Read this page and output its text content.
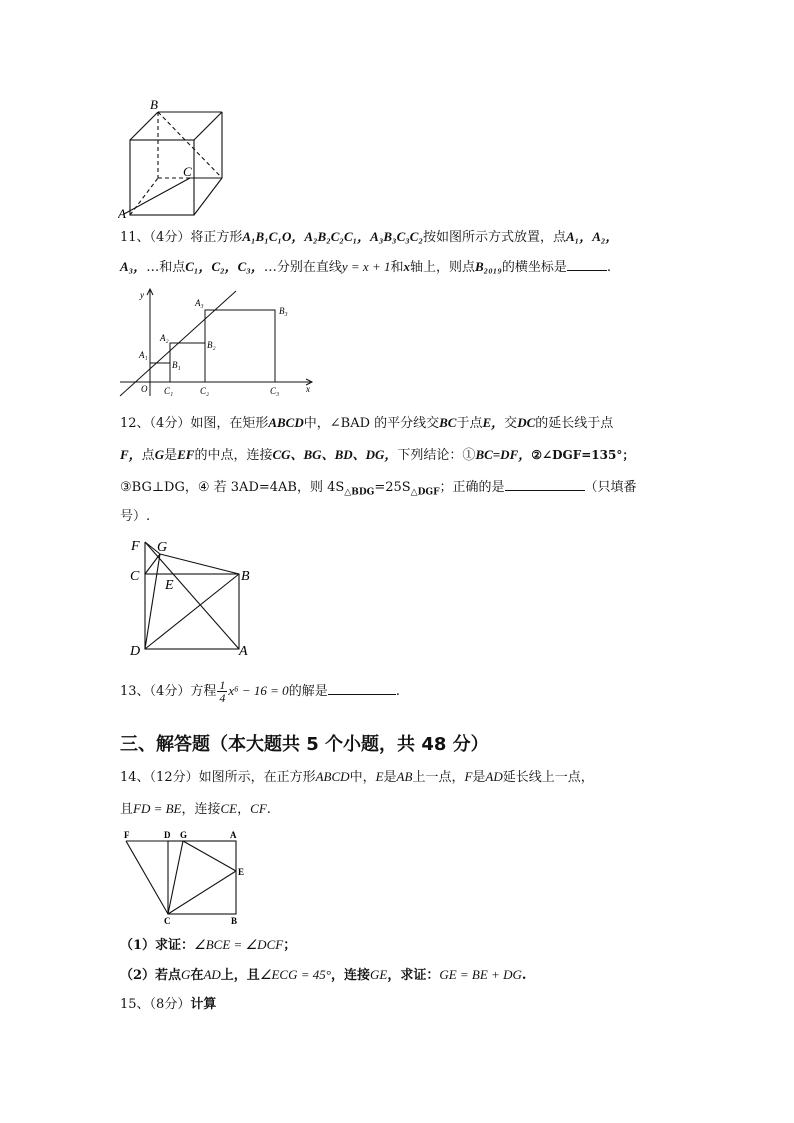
B
C
A
11、（4分）将正方形A₁B₁C₁O，A₂B₂C₂C₁，A₃B₃C₃C₂按如图所示方式放置，点A₁，A₂，
A₃，…和点C₁，C₂，C₃，…分别在直线y = x + 1和x轴上，则点B₂₀₁₉的横坐标是	.
y
x
O
A₁
A₂
A₃
B₁
B₂
B₃
C₁	C₂	C₃
12、（4分）如图，在矩形ABCD中，∠BAD 的平分线交BC于点E，交DC的延长线于点
F，点G是EF的中点，连接CG、BG、BD、DG，下列结论：①BC=DF，②∠DGF=135°；
③BG⊥DG，④ 若 3AD=4AB，则 $4S_{\triangle BDG}=25S_{\triangle DGF}$；正确的是	（只填番
号）.
F G
C
E
B
D	A
13、（4分）方程 $\frac{1}{4} x^6 - 16 = 0$的解是	.
三、解答题（本大题共 5 个小题，共 48 分）
14、（12分）如图所示，在正方形ABCD中，E是AB上一点，F是AD延长线上一点，
且FD = BE，连接CE，CF.
F	D G	A
E
C	B
（1）求证：∠BCE = ∠DCF；
（2）若点G在AD上，且∠ECG = 45°，连接GE，求证：GE = BE + DG.
15、（8分）计算
